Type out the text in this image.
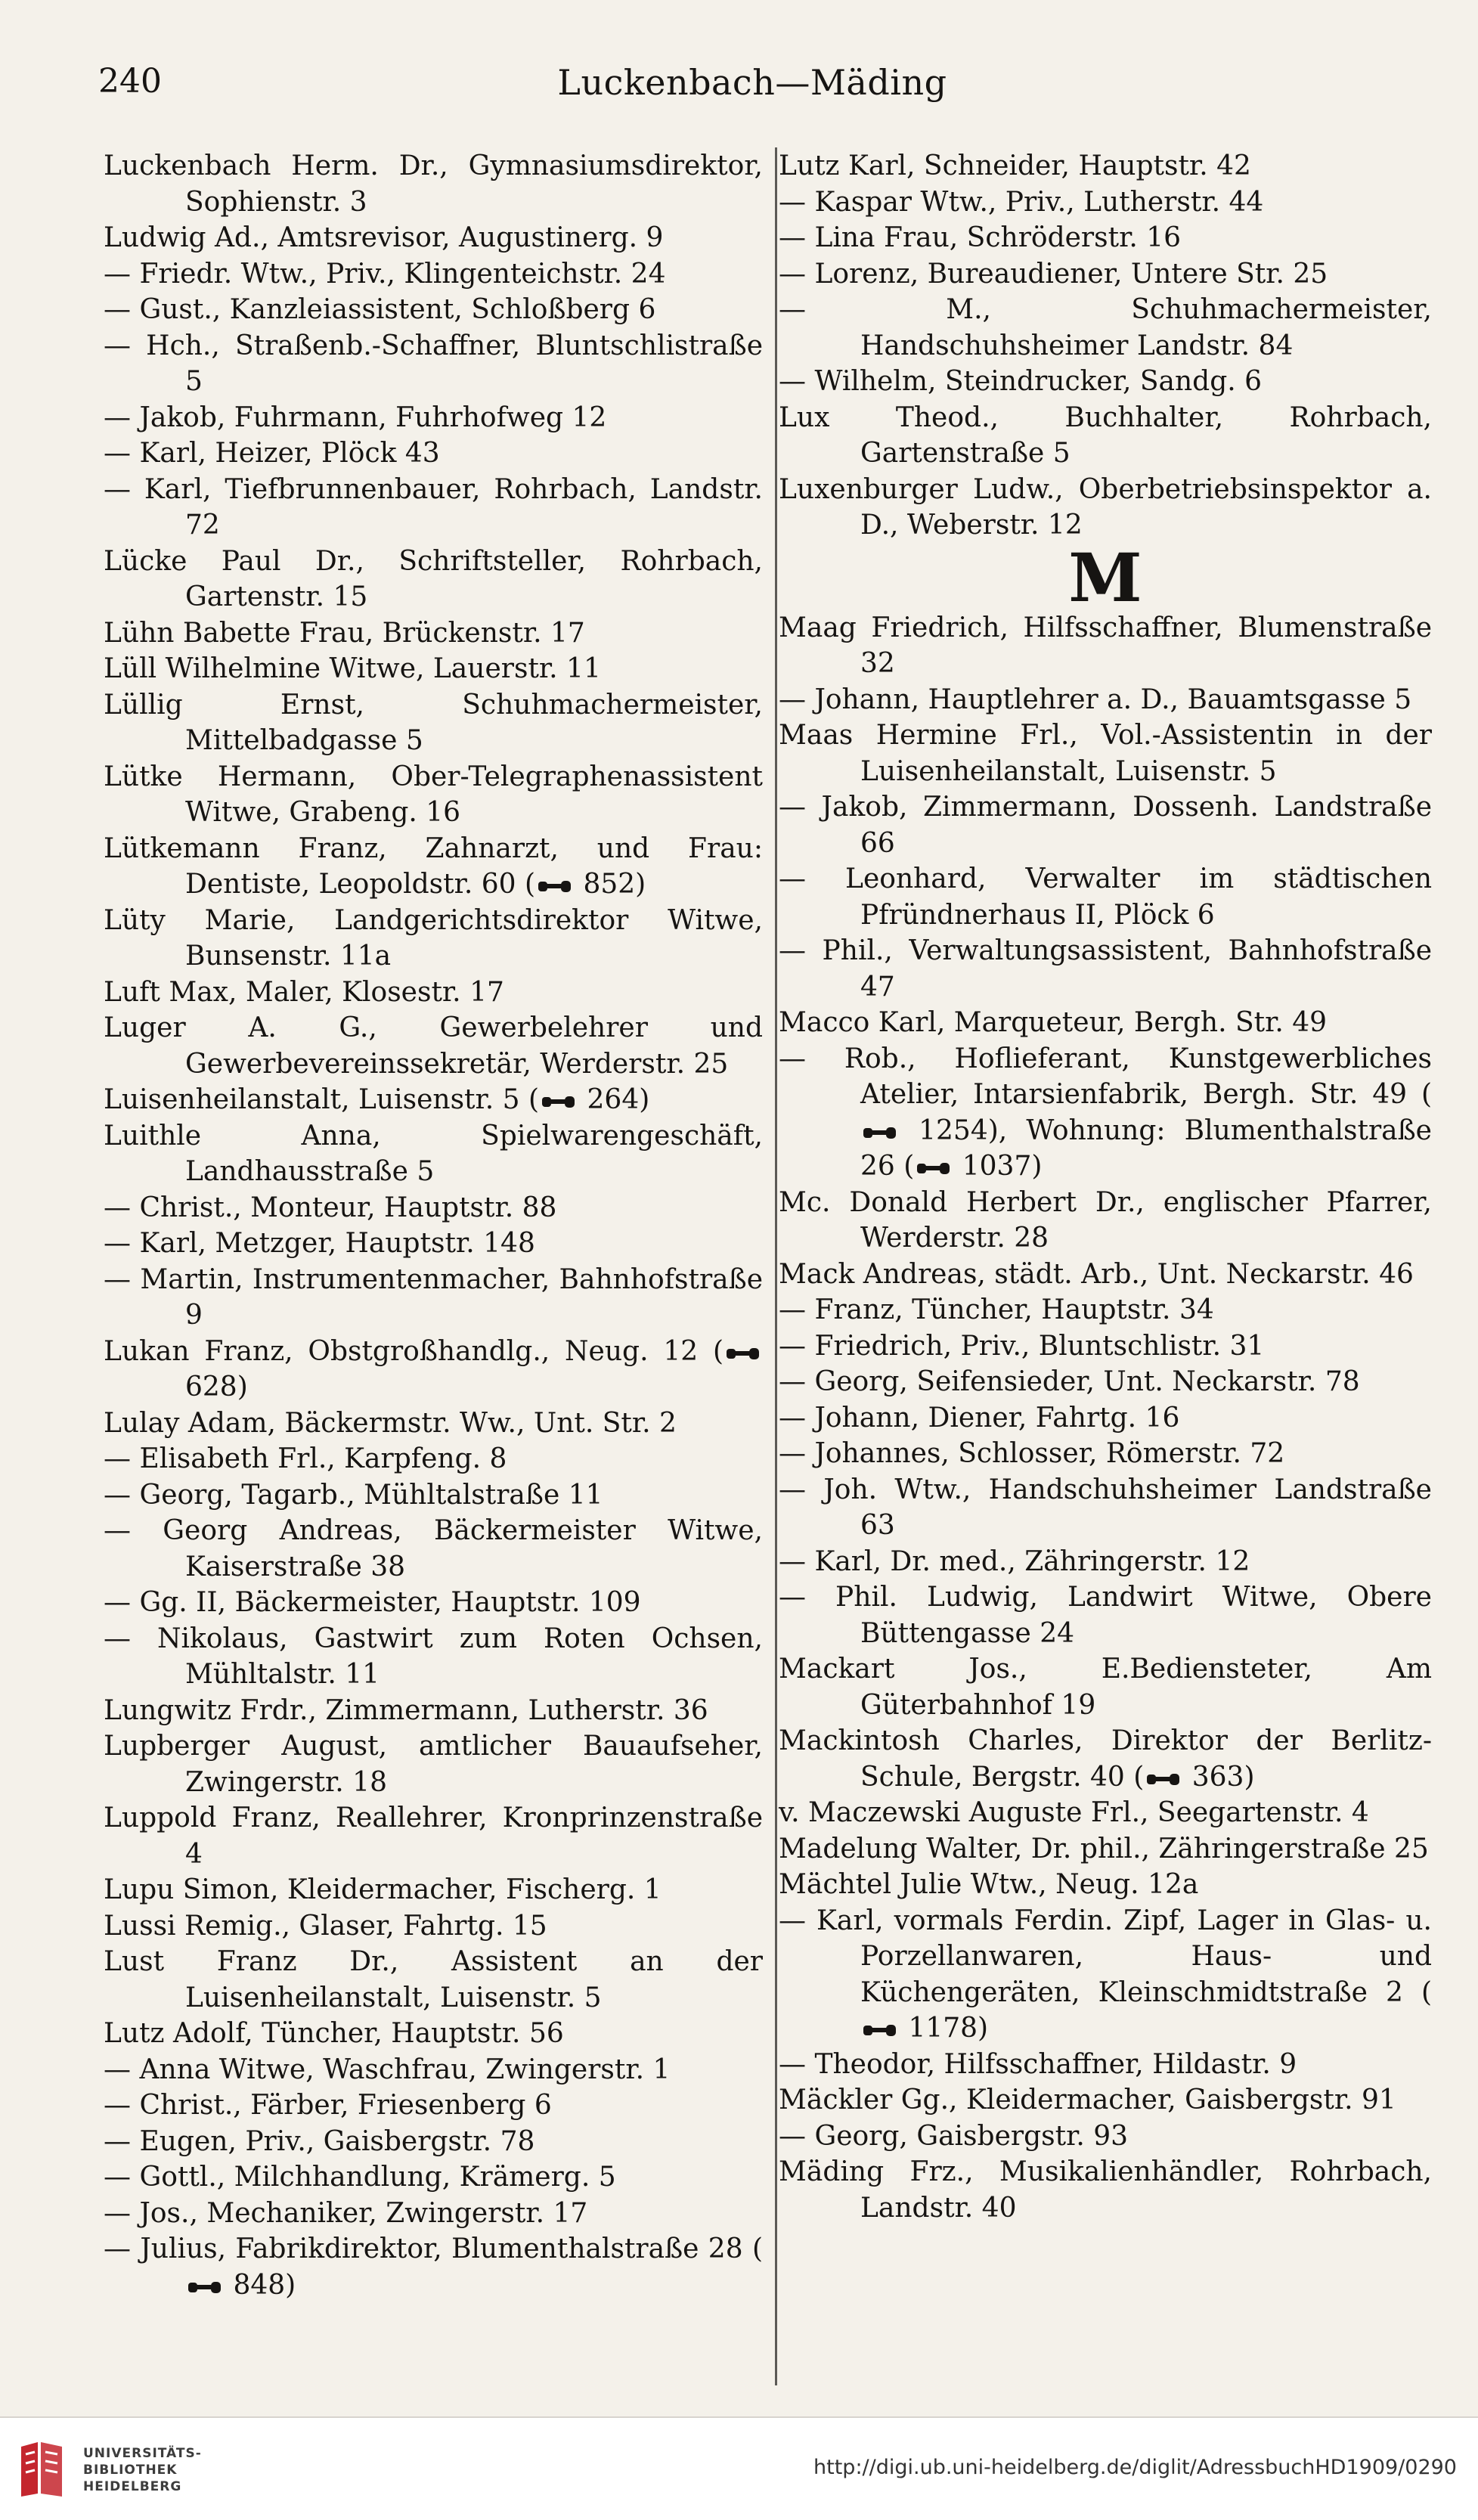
240	Luckenbach—Mäding

Luckenbach Herm. Dr., Gymnasiumsdirektor, Sophienstr. 3

Ludwig Ad., Amtsrevisor, Augustinerg. 9

— Friedr. Wtw., Priv., Klingenteichstr. 24

— Gust., Kanzleiassistent, Schloßberg 6

— Hch., Straßenb.-Schaffner, Bluntschlistraße 5

— Jakob, Fuhrmann, Fuhrhofweg 12

— Karl, Heizer, Plöck 43

— Karl, Tiefbrunnenbauer, Rohrbach, Landstr. 72

Lücke Paul Dr., Schriftsteller, Rohrbach, Gartenstr. 15

Lühn Babette Frau, Brückenstr. 17

Lüll Wilhelmine Witwe, Lauerstr. 11

Lüllig Ernst, Schuhmachermeister, Mittelbadgasse 5

Lütke Hermann, Ober-Telegraphenassistent Witwe, Grabeng. 16

Lütkemann Franz, Zahnarzt, und Frau: Dentiste, Leopoldstr. 60 ( 852)

Lüty Marie, Landgerichtsdirektor Witwe, Bunsenstr. 11a

Luft Max, Maler, Klosestr. 17

Luger A. G., Gewerbelehrer und Gewerbevereinssekretär, Werderstr. 25

Luisenheilanstalt, Luisenstr. 5 ( 264)

Luithle Anna, Spielwarengeschäft, Landhausstraße 5

— Christ., Monteur, Hauptstr. 88

— Karl, Metzger, Hauptstr. 148

— Martin, Instrumentenmacher, Bahnhofstraße 9

Lukan Franz, Obstgroßhandlg., Neug. 12 ( 628)

Lulay Adam, Bäckermstr. Ww., Unt. Str. 2

— Elisabeth Frl., Karpfeng. 8

— Georg, Tagarb., Mühltalstraße 11

— Georg Andreas, Bäckermeister Witwe, Kaiserstraße 38

— Gg. II, Bäckermeister, Hauptstr. 109

— Nikolaus, Gastwirt zum Roten Ochsen, Mühltalstr. 11

Lungwitz Frdr., Zimmermann, Lutherstr. 36

Lupberger August, amtlicher Bauaufseher, Zwingerstr. 18

Luppold Franz, Reallehrer, Kronprinzenstraße 4

Lupu Simon, Kleidermacher, Fischerg. 1

Lussi Remig., Glaser, Fahrtg. 15

Lust Franz Dr., Assistent an der Luisenheilanstalt, Luisenstr. 5

Lutz Adolf, Tüncher, Hauptstr. 56

— Anna Witwe, Waschfrau, Zwingerstr. 1

— Christ., Färber, Friesenberg 6

— Eugen, Priv., Gaisbergstr. 78

— Gottl., Milchhandlung, Krämerg. 5

— Jos., Mechaniker, Zwingerstr. 17

— Julius, Fabrikdirektor, Blumenthalstraße 28 ( 848)

Lutz Karl, Schneider, Hauptstr. 42

— Kaspar Wtw., Priv., Lutherstr. 44

— Lina Frau, Schröderstr. 16

— Lorenz, Bureaudiener, Untere Str. 25

— M., Schuhmachermeister, Handschuhsheimer Landstr. 84

— Wilhelm, Steindrucker, Sandg. 6

Lux Theod., Buchhalter, Rohrbach, Gartenstraße 5

Luxenburger Ludw., Oberbetriebsinspektor a. D., Weberstr. 12

M

Maag Friedrich, Hilfsschaffner, Blumenstraße 32

— Johann, Hauptlehrer a. D., Bauamtsgasse 5

Maas Hermine Frl., Vol.-Assistentin in der Luisenheilanstalt, Luisenstr. 5

— Jakob, Zimmermann, Dossenh. Landstraße 66

— Leonhard, Verwalter im städtischen Pfründnerhaus II, Plöck 6

— Phil., Verwaltungsassistent, Bahnhofstraße 47

Macco Karl, Marqueteur, Bergh. Str. 49

— Rob., Hoflieferant, Kunstgewerbliches Atelier, Intarsienfabrik, Bergh. Str. 49 ( 1254), Wohnung: Blumenthalstraße 26 ( 1037)

Mc. Donald Herbert Dr., englischer Pfarrer, Werderstr. 28

Mack Andreas, städt. Arb., Unt. Neckarstr. 46

— Franz, Tüncher, Hauptstr. 34

— Friedrich, Priv., Bluntschlistr. 31

— Georg, Seifensieder, Unt. Neckarstr. 78

— Johann, Diener, Fahrtg. 16

— Johannes, Schlosser, Römerstr. 72

— Joh. Wtw., Handschuhsheimer Landstraße 63

— Karl, Dr. med., Zähringerstr. 12

— Phil. Ludwig, Landwirt Witwe, Obere Büttengasse 24

Mackart Jos., E.Bediensteter, Am Güterbahnhof 19

Mackintosh Charles, Direktor der Berlitz-Schule, Bergstr. 40 ( 363)

v. Maczewski Auguste Frl., Seegartenstr. 4

Madelung Walter, Dr. phil., Zähringerstraße 25

Mächtel Julie Wtw., Neug. 12a

— Karl, vormals Ferdin. Zipf, Lager in Glas- u. Porzellanwaren, Haus- und Küchengeräten, Kleinschmidtstraße 2 ( 1178)

— Theodor, Hilfsschaffner, Hildastr. 9

Mäckler Gg., Kleidermacher, Gaisbergstr. 91

— Georg, Gaisbergstr. 93

Mäding Frz., Musikalienhändler, Rohrbach, Landstr. 40

UNIVERSITÄTS-
BIBLIOTHEK
HEIDELBERG
http://digi.ub.uni-heidelberg.de/diglit/AdressbuchHD1909/0290
